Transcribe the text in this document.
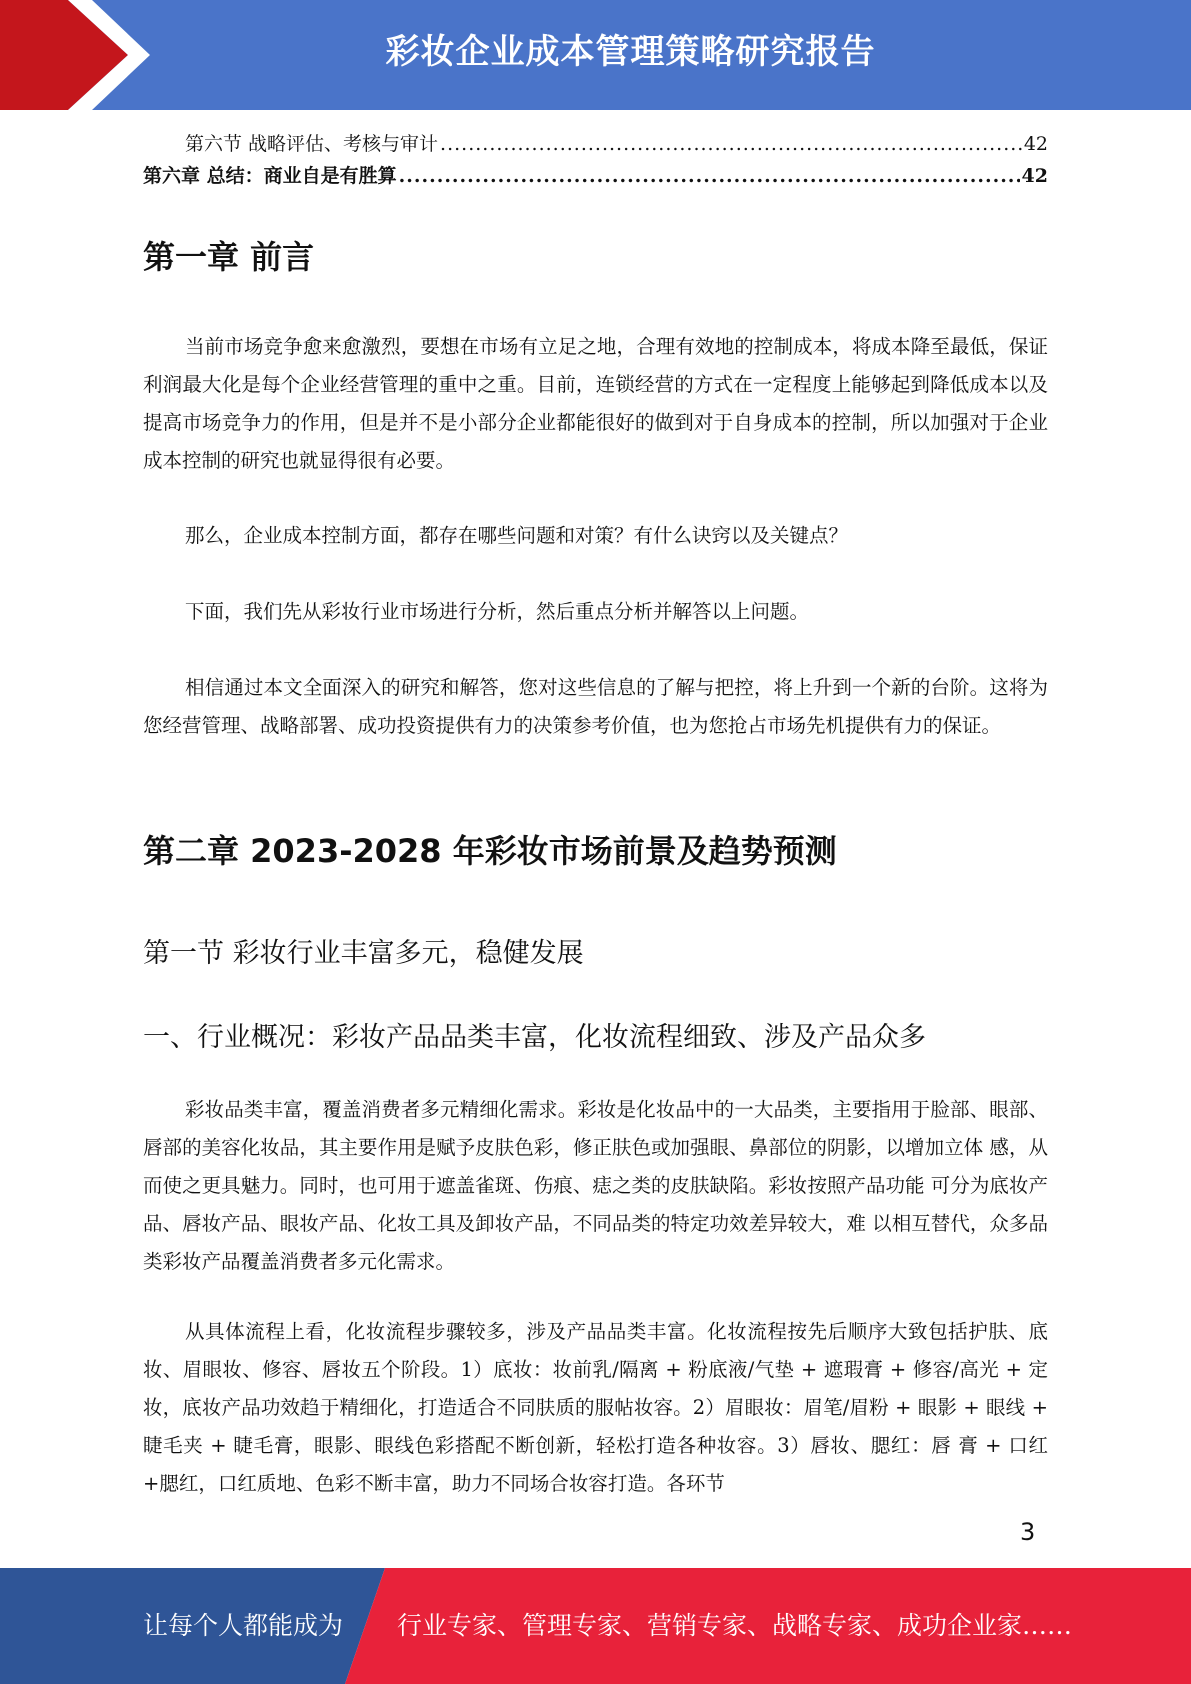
彩妆企业成本管理策略研究报告
第六节 战略评估、考核与审计 .....	42
第六章 总结：商业自是有胜算 .....	42
第一章 前言
当前市场竞争愈来愈激烈，要想在市场有立足之地，合理有效地的控制成本，将成本降至最低，保证利润最大化是每个企业经营管理的重中之重。目前，连锁经营的方式在一定程度上能够起到降低成本以及提高市场竞争力的作用，但是并不是小部分企业都能很好的做到对于自身成本的控制，所以加强对于企业成本控制的研究也就显得很有必要。
那么，企业成本控制方面，都存在哪些问题和对策？有什么诀窍以及关键点？
下面，我们先从彩妆行业市场进行分析，然后重点分析并解答以上问题。
相信通过本文全面深入的研究和解答，您对这些信息的了解与把控，将上升到一个新的台阶。这将为您经营管理、战略部署、成功投资提供有力的决策参考价值，也为您抢占市场先机提供有力的保证。
第二章 2023-2028 年彩妆市场前景及趋势预测
第一节 彩妆行业丰富多元，稳健发展
一、行业概况：彩妆产品品类丰富，化妆流程细致、涉及产品众多
彩妆品类丰富，覆盖消费者多元精细化需求。彩妆是化妆品中的一大品类，主要指用于脸部、眼部、 唇部的美容化妆品，其主要作用是赋予皮肤色彩，修正肤色或加强眼、鼻部位的阴影，以增加立体 感，从而使之更具魅力。同时，也可用于遮盖雀斑、伤痕、痣之类的皮肤缺陷。彩妆按照产品功能 可分为底妆产品、唇妆产品、眼妆产品、化妆工具及卸妆产品，不同品类的特定功效差异较大，难 以相互替代，众多品类彩妆产品覆盖消费者多元化需求。
从具体流程上看，化妆流程步骤较多，涉及产品品类丰富。化妆流程按先后顺序大致包括护肤、底 妆、眉眼妆、修容、唇妆五个阶段。1）底妆：妆前乳/隔离 + 粉底液/气垫 + 遮瑕膏 + 修容/高光 + 定妆，底妆产品功效趋于精细化，打造适合不同肤质的服帖妆容。2）眉眼妆：眉笔/眉粉 + 眼影 + 眼线 + 睫毛夹 + 睫毛膏，眼影、眼线色彩搭配不断创新，轻松打造各种妆容。3）唇妆、腮红：唇 膏 + 口红+腮红，口红质地、色彩不断丰富，助力不同场合妆容打造。各环节
3
让每个人都能成为 行业专家、管理专家、营销专家、战略专家、成功企业家……
